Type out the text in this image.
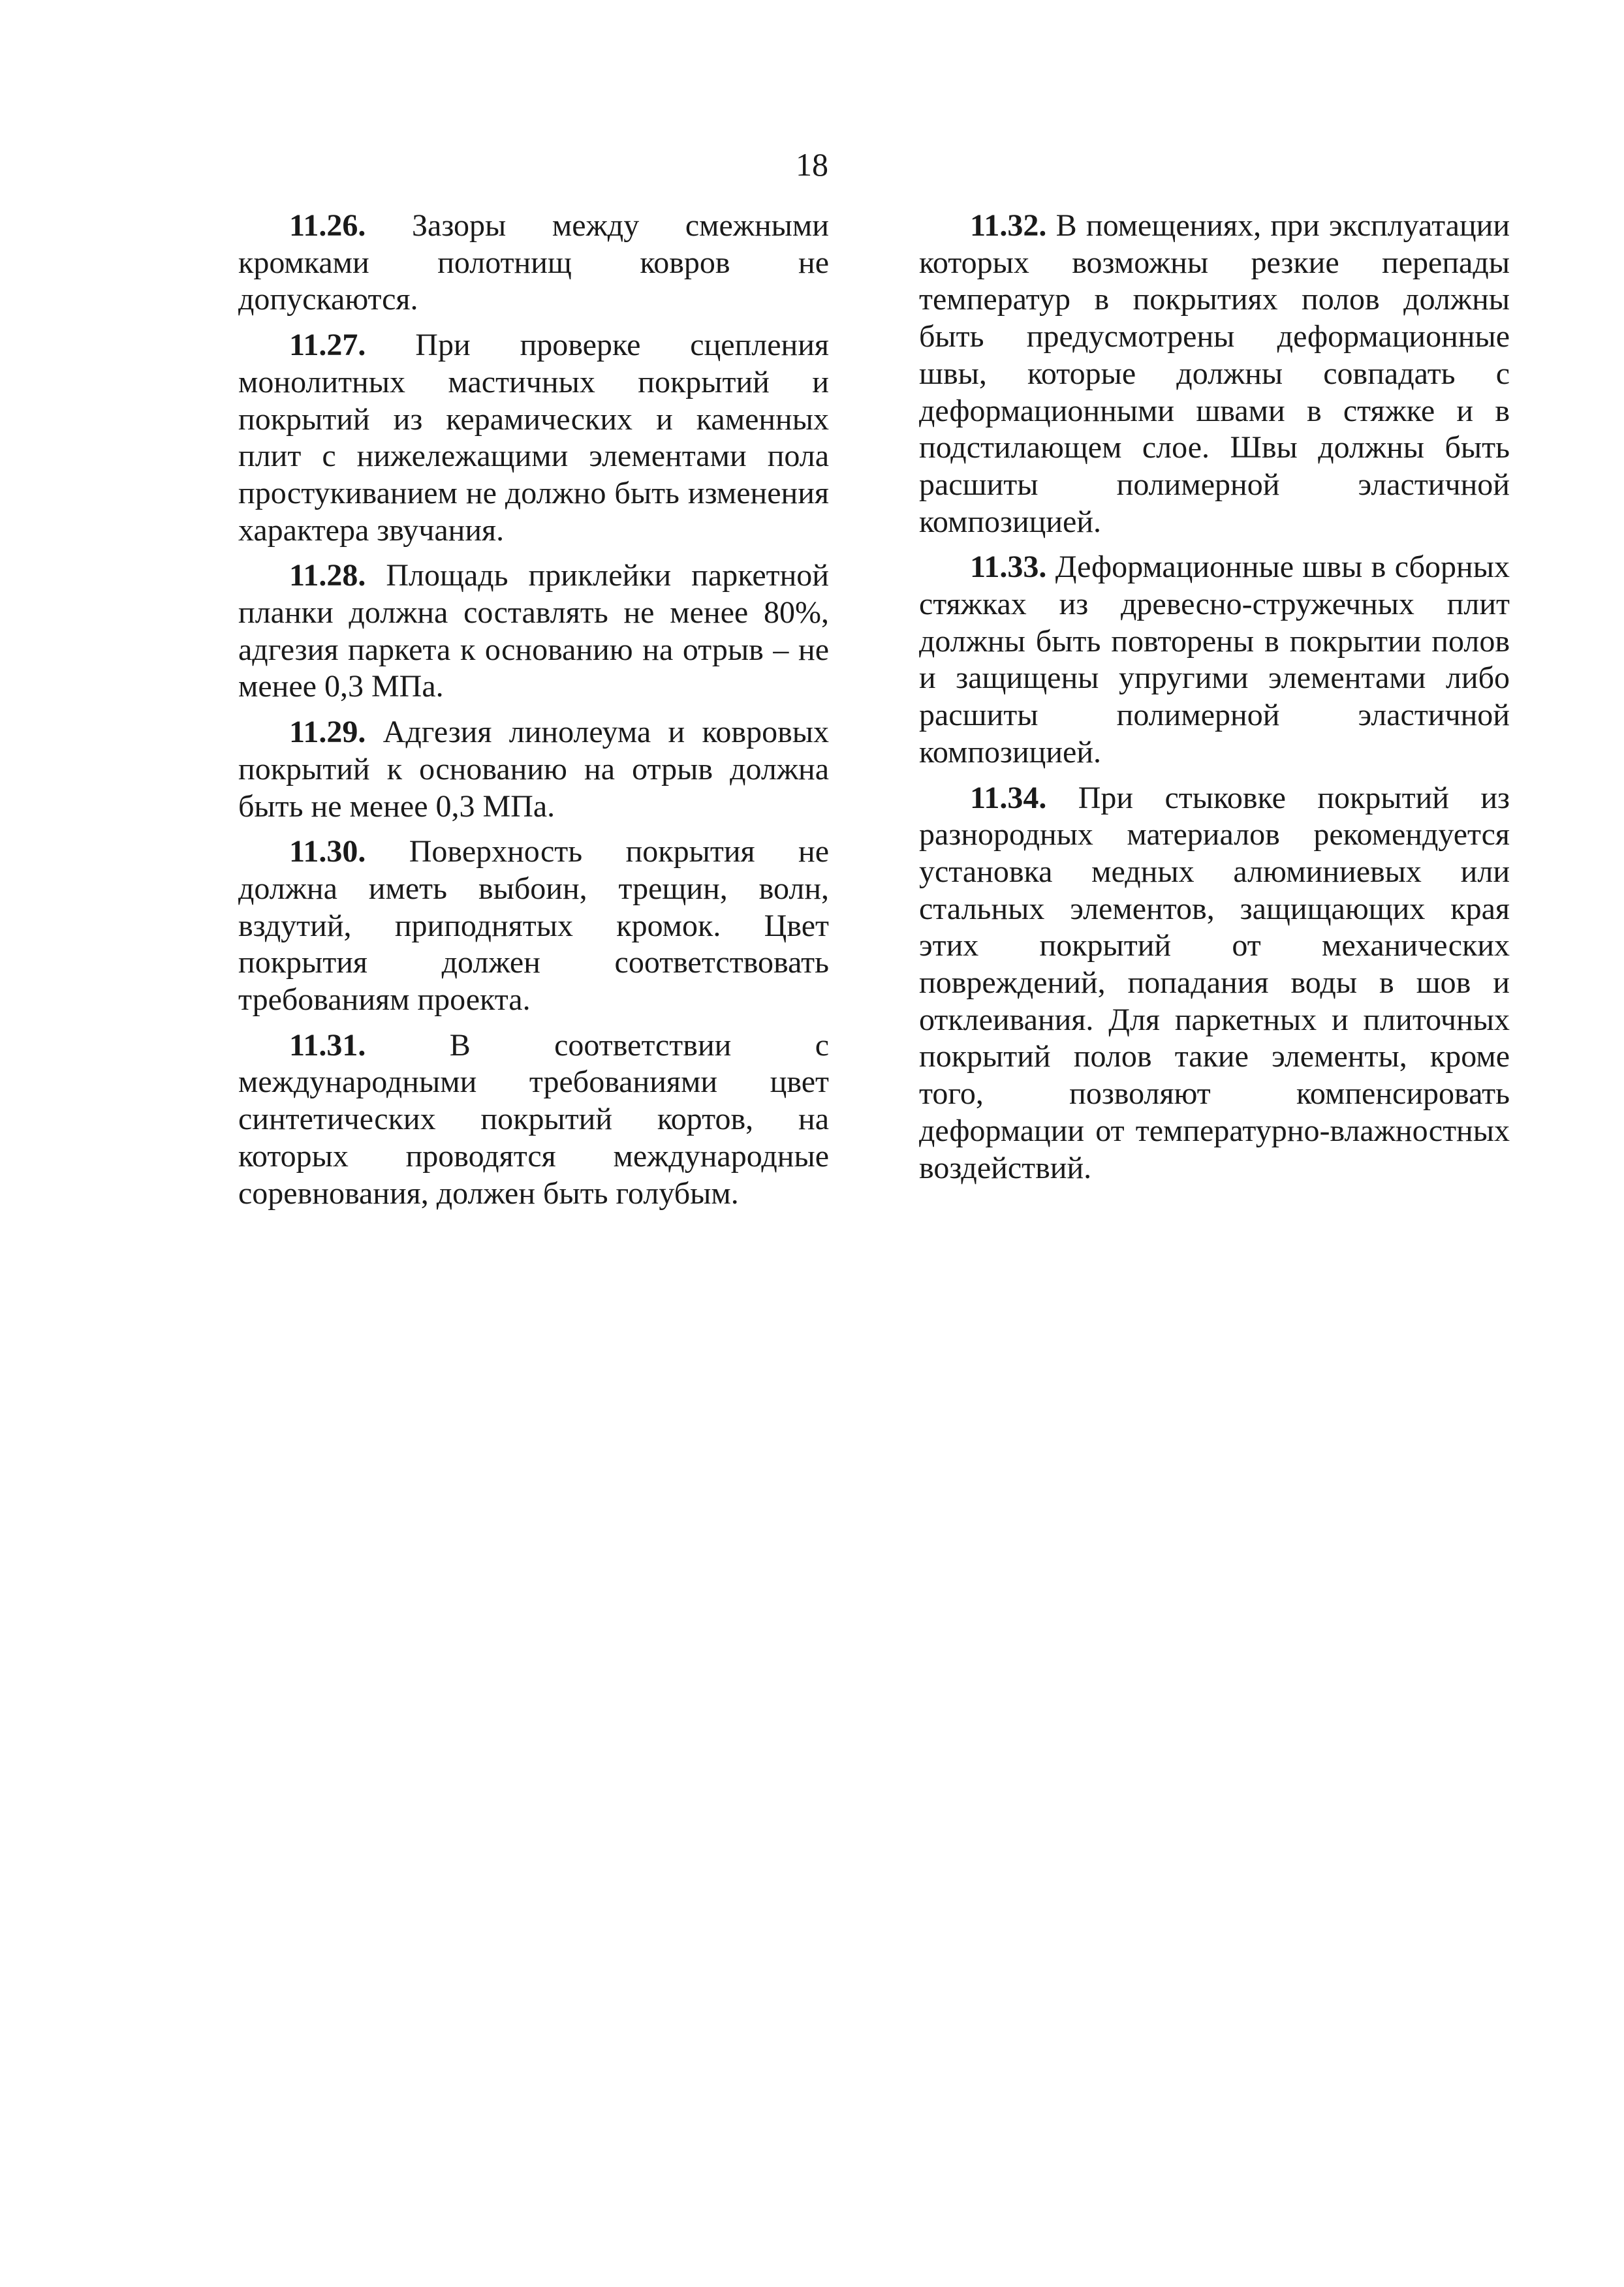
18

11.26. Зазоры между смежными кромками полотнищ ковров не допускаются.

11.27. При проверке сцепления монолитных мастичных покрытий и покрытий из керамических и каменных плит с нижележащими элементами пола простукиванием не должно быть изменения характера звучания.

11.28. Площадь приклейки паркетной планки должна составлять не менее 80%, адгезия паркета к основанию на отрыв – не менее 0,3 МПа.

11.29. Адгезия линолеума и ковровых покрытий к основанию на отрыв должна быть не менее 0,3 МПа.

11.30. Поверхность покрытия не должна иметь выбоин, трещин, волн, вздутий, приподнятых кромок. Цвет покрытия должен соответствовать требованиям проекта.

11.31. В соответствии с международными требованиями цвет синтетических покрытий кортов, на которых проводятся международные соревнования, должен быть голубым.

11.32. В помещениях, при эксплуатации которых возможны резкие перепады температур в покрытиях полов должны быть предусмотрены деформационные швы, которые должны совпадать с деформационными швами в стяжке и в подстилающем слое. Швы должны быть расшиты полимерной эластичной композицией.

11.33. Деформационные швы в сборных стяжках из древесно-стружечных плит должны быть повторены в покрытии полов и защищены упругими элементами либо расшиты полимерной эластичной композицией.

11.34. При стыковке покрытий из разнородных материалов рекомендуется установка медных алюминиевых или стальных элементов, защищающих края этих покрытий от механических повреждений, попадания воды в шов и отклеивания. Для паркетных и плиточных покрытий полов такие элементы, кроме того, позволяют компенсировать деформации от температурно-влажностных воздействий.
